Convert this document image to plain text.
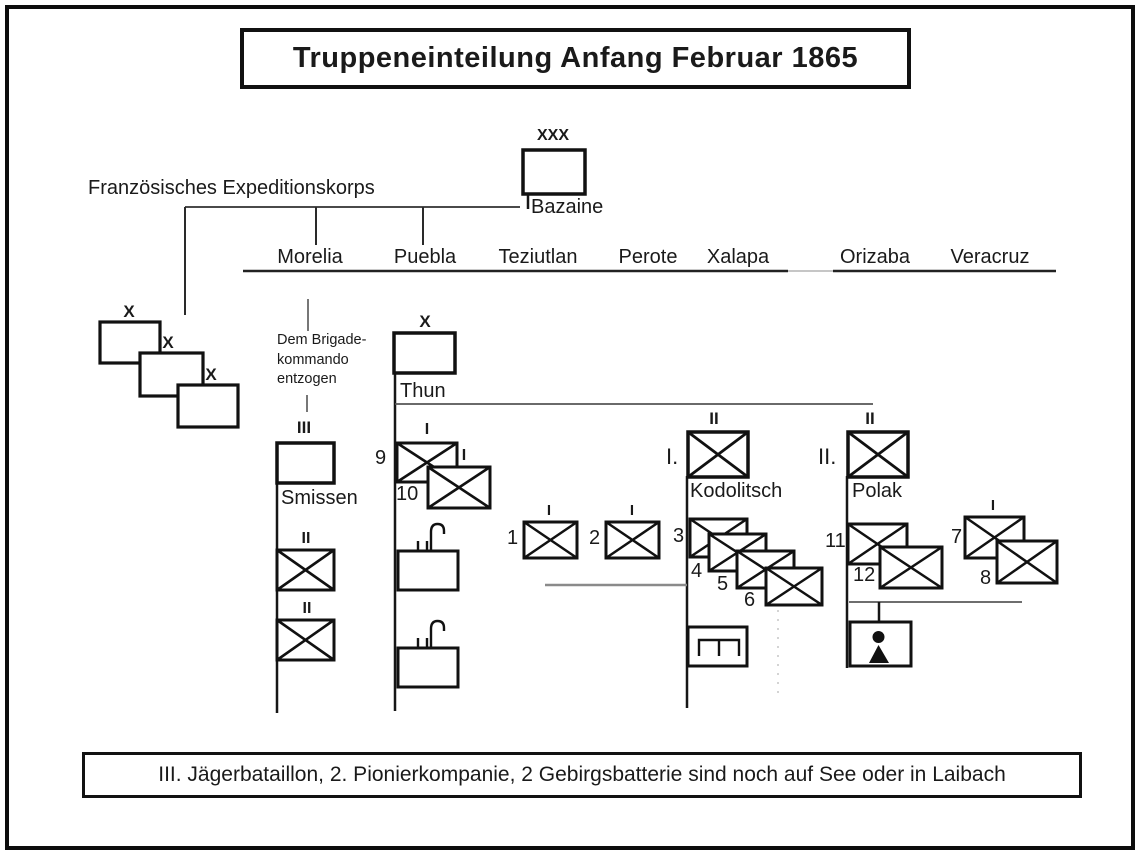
Truppeneinteilung Anfang Februar 1865
III. Jägerbataillon, 2. Pionierkompanie, 2 Gebirgsbatterie sind noch auf See oder in Laibach
Französisches Expeditionskorps
XXX
Bazaine
Morelia	Puebla Teziutlan Perote Xalapa	Orizaba Veracruz
X
X
X
Dem Brigade-
kommando
entzogen
III
Smissen
II
II
X
Thun
I
9	I
10
1
I
2
I
II
I.
Kodolitsch
3
4
5
6
II
II.
Polak
11
12
I
7
8
